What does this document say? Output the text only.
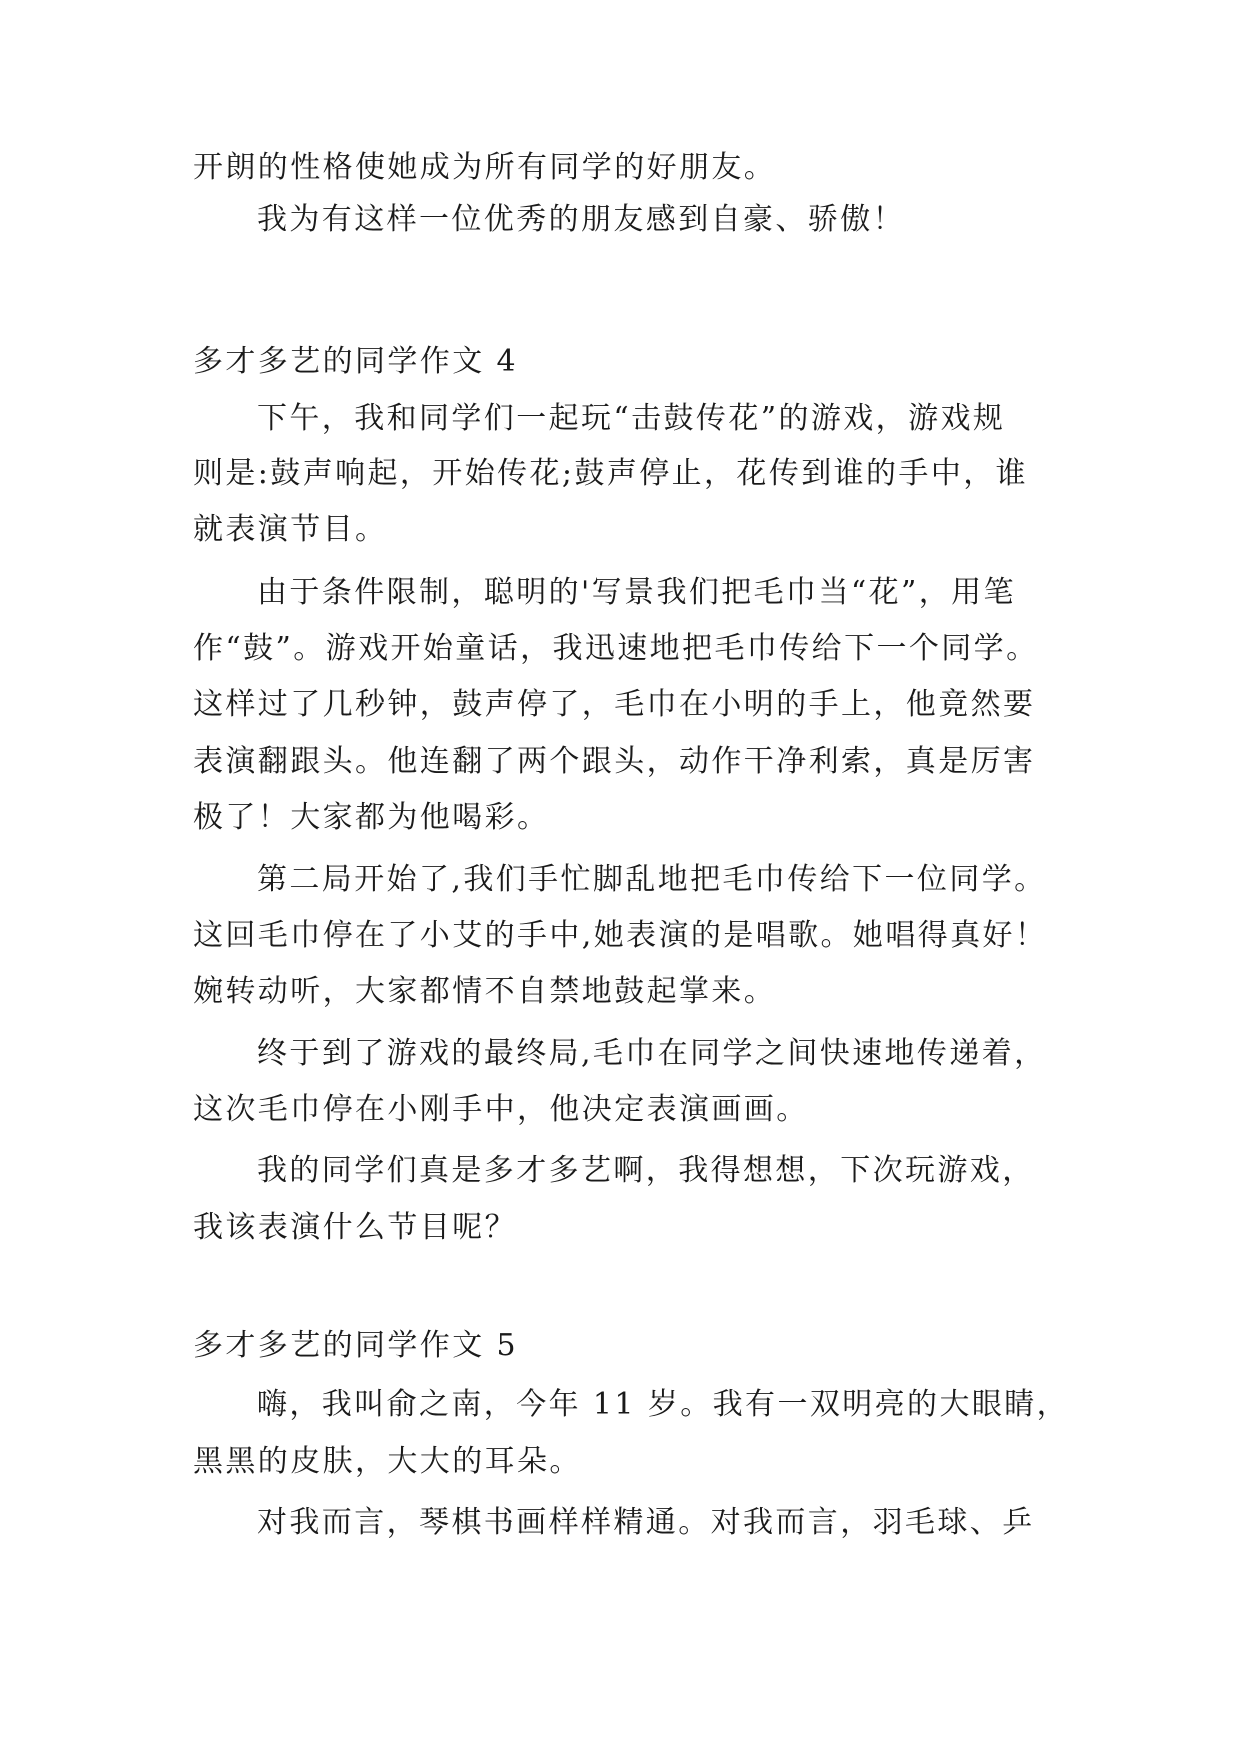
开朗的性格使她成为所有同学的好朋友。
我为有这样一位优秀的朋友感到自豪、骄傲！
多才多艺的同学作文 4
下午，我和同学们一起玩“击鼓传花”的游戏，游戏规
则是:鼓声响起，开始传花;鼓声停止，花传到谁的手中，谁
就表演节目。
由于条件限制，聪明的'写景我们把毛巾当“花”，用笔
作“鼓”。游戏开始童话，我迅速地把毛巾传给下一个同学。
这样过了几秒钟，鼓声停了，毛巾在小明的手上，他竟然要
表演翻跟头。他连翻了两个跟头，动作干净利索，真是厉害
极了！大家都为他喝彩。
第二局开始了,我们手忙脚乱地把毛巾传给下一位同学。
这回毛巾停在了小艾的手中,她表演的是唱歌。她唱得真好！
婉转动听，大家都情不自禁地鼓起掌来。
终于到了游戏的最终局,毛巾在同学之间快速地传递着，
这次毛巾停在小刚手中，他决定表演画画。
我的同学们真是多才多艺啊，我得想想，下次玩游戏，
我该表演什么节目呢？
多才多艺的同学作文 5
嗨，我叫俞之南，今年 11 岁。我有一双明亮的大眼睛，
黑黑的皮肤，大大的耳朵。
对我而言，琴棋书画样样精通。对我而言，羽毛球、乒
